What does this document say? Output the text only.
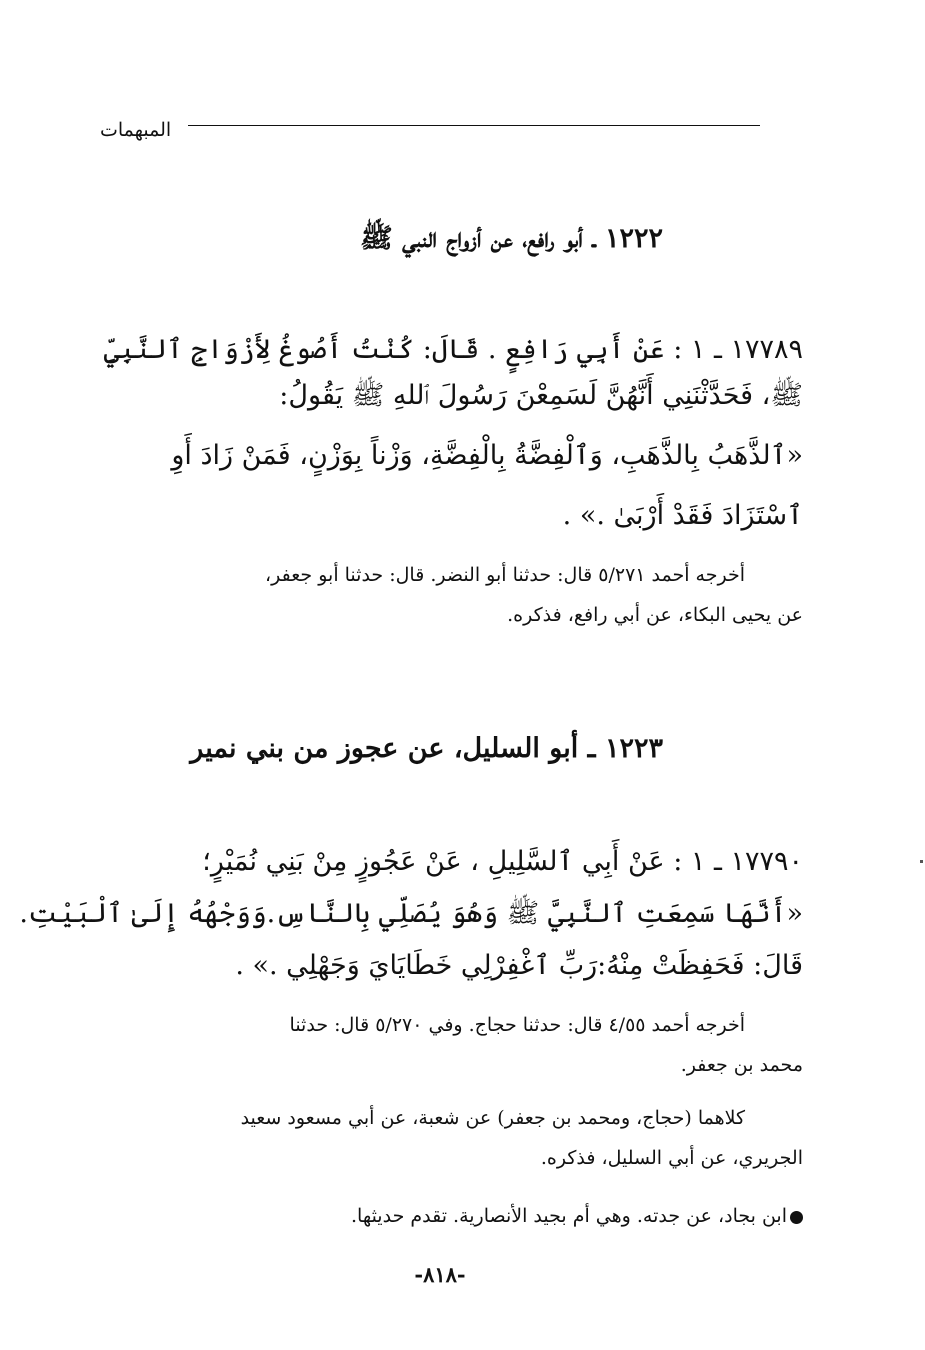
المبهمات
١٢٢٢ ـ أبو رافع، عن أزواج النبي ﷺ
١٧٧٨٩ ـ ١ : عَنْ أَبِي رَافِعٍ . قَالَ: كُنْتُ أَصُوغُ لِأَزْوَاجِ ٱلنَّبِيِّ
ﷺ، فَحَدَّثْنَنِي أَنَّهُنَّ لَسَمِعْنَ رَسُولَ ٱللهِ ﷺ يَقُولُ:
«ٱلذَّهَبُ بِالذَّهَبِ، وَٱلْفِضَّةُ بِالْفِضَّةِ، وَزْناً بِوَزْنٍ، فَمَنْ زَادَ أَوِ
ٱسْتَزَادَ فَقَدْ أَرْبَىٰ .» .
أخرجه أحمد ٥/٢٧١ قال: حدثنا أبو النضر. قال: حدثنا أبو جعفر،
عن يحيى البكاء، عن أبي رافع، فذكره.
١٢٢٣ ـ أبو السليل، عن عجوز من بني نمير
١٧٧٩٠ ـ ١ : عَنْ أَبِي ٱلسَّلِيلِ ، عَنْ عَجُوزٍ مِنْ بَنِي نُمَيْرٍ؛
«أَنَّهَا سَمِعَتِ ٱلنَّبِيَّ ﷺ وَهُوَ يُصَلِّي بِالنَّاسِ.وَوَجْهُهُ إِلَىٰ ٱلْبَيْتِ.
قَالَ: فَحَفِظَتْ مِنْهُ:رَبِّ ٱغْفِرْلِي خَطَايَايَ وَجَهْلِي .» .
أخرجه أحمد ٤/٥٥ قال: حدثنا حجاج. وفي ٥/٢٧٠ قال: حدثنا
محمد بن جعفر.
كلاهما (حجاج، ومحمد بن جعفر) عن شعبة، عن أبي مسعود سعيد
الجريري، عن أبي السليل، فذكره.
ابن بجاد، عن جدته. وهي أم بجيد الأنصارية. تقدم حديثها.
-٨١٨-
